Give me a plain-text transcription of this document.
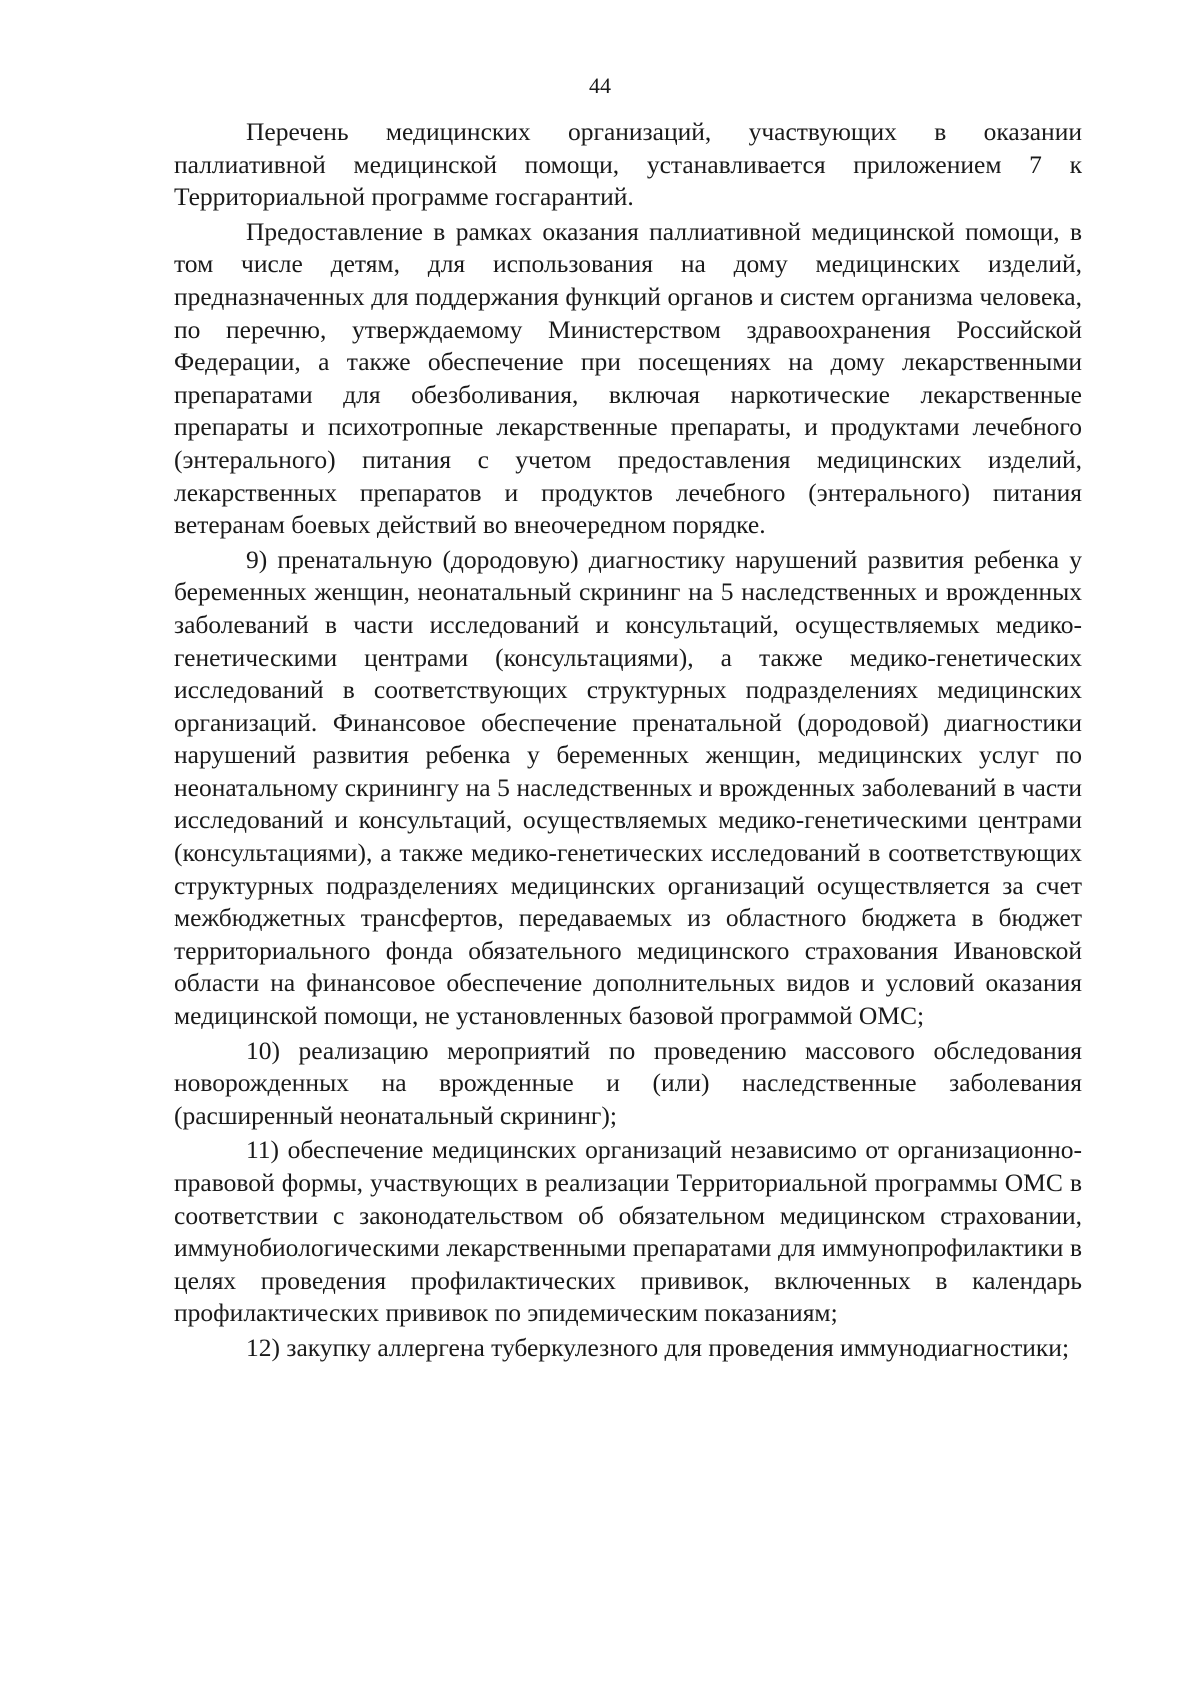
44

Перечень медицинских организаций, участвующих в оказании паллиативной медицинской помощи, устанавливается приложением 7 к Территориальной программе госгарантий.

Предоставление в рамках оказания паллиативной медицинской помощи, в том числе детям, для использования на дому медицинских изделий, предназначенных для поддержания функций органов и систем организма человека, по перечню, утверждаемому Министерством здравоохранения Российской Федерации, а также обеспечение при посещениях на дому лекарственными препаратами для обезболивания, включая наркотические лекарственные препараты и психотропные лекарственные препараты, и продуктами лечебного (энтерального) питания с учетом предоставления медицинских изделий, лекарственных препаратов и продуктов лечебного (энтерального) питания ветеранам боевых действий во внеочередном порядке.

9) пренатальную (дородовую) диагностику нарушений развития ребенка у беременных женщин, неонатальный скрининг на 5 наследственных и врожденных заболеваний в части исследований и консультаций, осуществляемых медико-генетическими центрами (консультациями), а также медико-генетических исследований в соответствующих структурных подразделениях медицинских организаций. Финансовое обеспечение пренатальной (дородовой) диагностики нарушений развития ребенка у беременных женщин, медицинских услуг по неонатальному скринингу на 5 наследственных и врожденных заболеваний в части исследований и консультаций, осуществляемых медико-генетическими центрами (консультациями), а также медико-генетических исследований в соответствующих структурных подразделениях медицинских организаций осуществляется за счет межбюджетных трансфертов, передаваемых из областного бюджета в бюджет территориального фонда обязательного медицинского страхования Ивановской области на финансовое обеспечение дополнительных видов и условий оказания медицинской помощи, не установленных базовой программой ОМС;

10) реализацию мероприятий по проведению массового обследования новорожденных на врожденные и (или) наследственные заболевания (расширенный неонатальный скрининг);

11) обеспечение медицинских организаций независимо от организационно-правовой формы, участвующих в реализации Территориальной программы ОМС в соответствии с законодательством об обязательном медицинском страховании, иммунобиологическими лекарственными препаратами для иммунопрофилактики в целях проведения профилактических прививок, включенных в календарь профилактических прививок по эпидемическим показаниям;

12) закупку аллергена туберкулезного для проведения иммунодиагностики;
